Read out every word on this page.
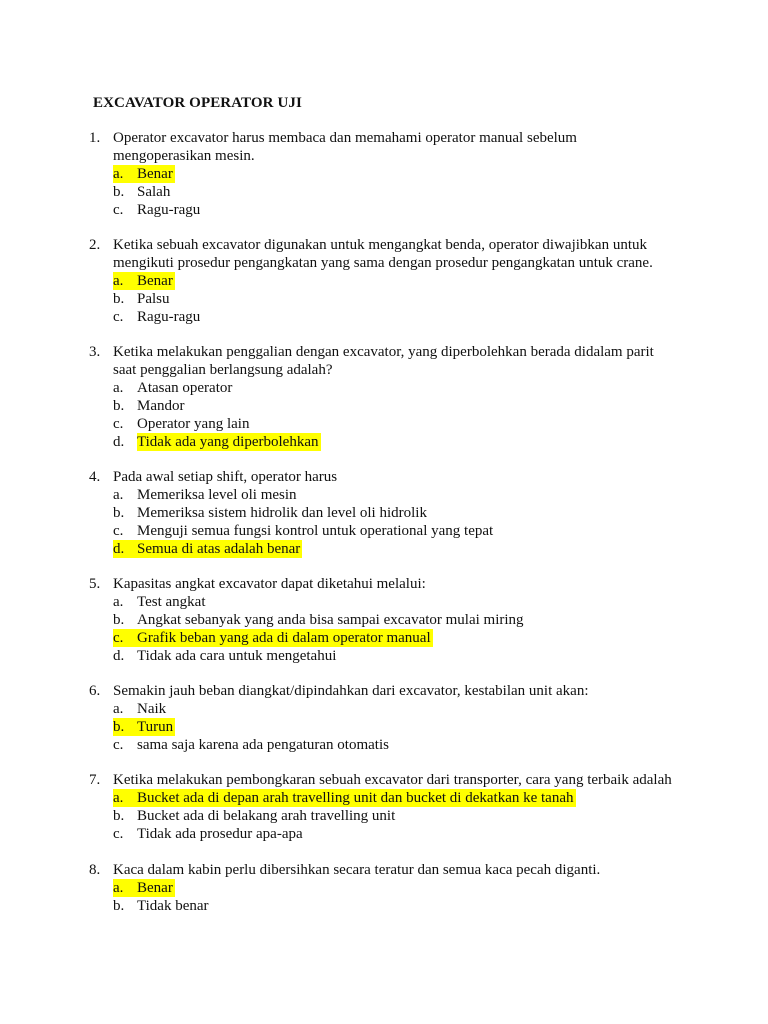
EXCAVATOR OPERATOR UJI
1. Operator excavator harus membaca dan memahami operator manual sebelum
mengoperasikan mesin.
a. Benar
b. Salah
c. Ragu-ragu
2. Ketika sebuah excavator digunakan untuk mengangkat benda, operator diwajibkan untuk
mengikuti prosedur pengangkatan yang sama dengan prosedur pengangkatan untuk crane.
a. Benar
b. Palsu
c. Ragu-ragu
3. Ketika melakukan penggalian dengan excavator, yang diperbolehkan berada didalam parit
saat penggalian berlangsung adalah?
a. Atasan operator
b. Mandor
c. Operator yang lain
d. Tidak ada yang diperbolehkan
4. Pada awal setiap shift, operator harus
a. Memeriksa level oli mesin
b. Memeriksa sistem hidrolik dan level oli hidrolik
c. Menguji semua fungsi kontrol untuk operational yang tepat
d. Semua di atas adalah benar
5. Kapasitas angkat excavator dapat diketahui melalui:
a. Test angkat
b. Angkat sebanyak yang anda bisa sampai excavator mulai miring
c. Grafik beban yang ada di dalam operator manual
d. Tidak ada cara untuk mengetahui
6. Semakin jauh beban diangkat/dipindahkan dari excavator, kestabilan unit akan:
a. Naik
b. Turun
c. sama saja karena ada pengaturan otomatis
7. Ketika melakukan pembongkaran sebuah excavator dari transporter, cara yang terbaik adalah
a. Bucket ada di depan arah travelling unit dan bucket di dekatkan ke tanah
b. Bucket ada di belakang arah travelling unit
c. Tidak ada prosedur apa-apa
8. Kaca dalam kabin perlu dibersihkan secara teratur dan semua kaca pecah diganti.
a. Benar
b. Tidak benar
